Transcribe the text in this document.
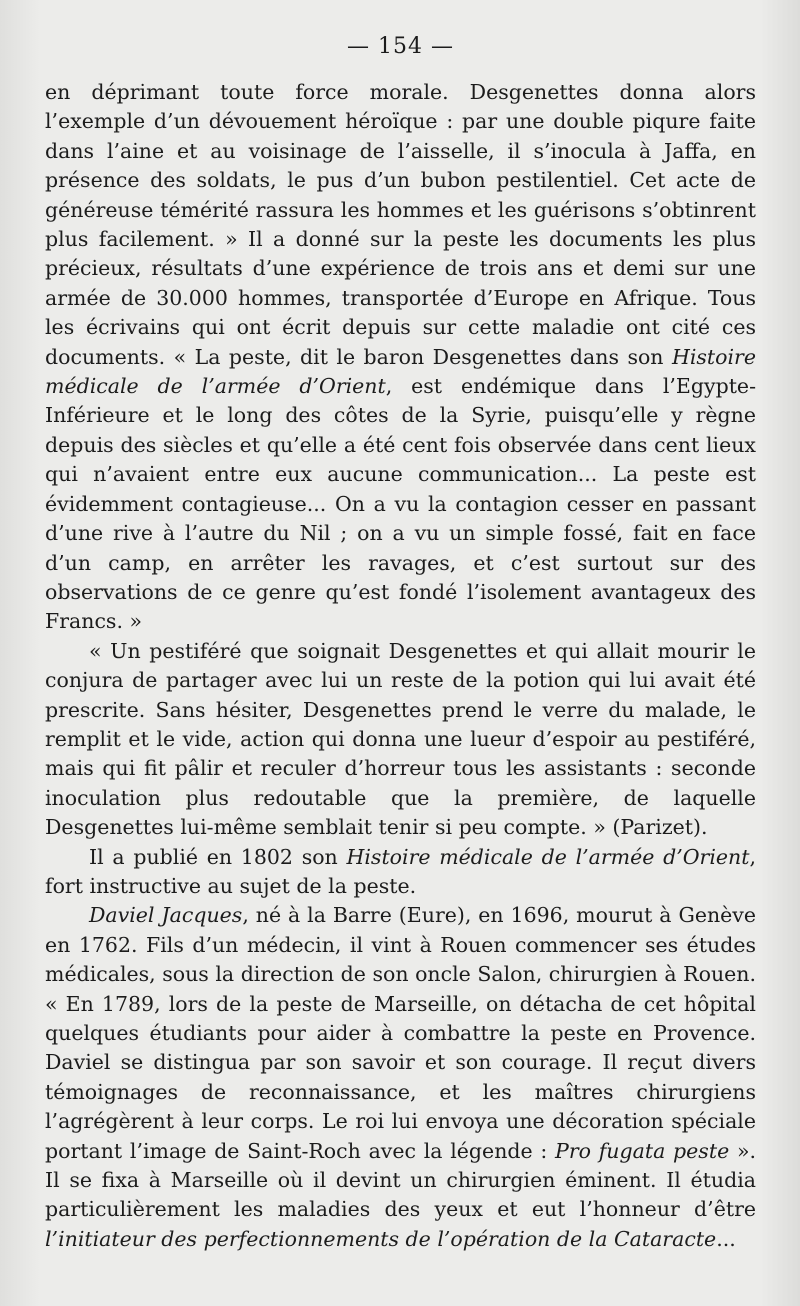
— 154 —

en déprimant toute force morale. Desgenettes donna alors l’exemple d’un dévouement héroïque : par une double piqure faite dans l’aine et au voisinage de l’aisselle, il s’inocula à Jaffa, en présence des soldats, le pus d’un bubon pestilentiel. Cet acte de généreuse témérité rassura les hommes et les guérisons s’obtinrent plus facilement. » Il a donné sur la peste les documents les plus précieux, résultats d’une expérience de trois ans et demi sur une armée de 30.000 hommes, transportée d’Europe en Afrique. Tous les écrivains qui ont écrit depuis sur cette maladie ont cité ces documents. « La peste, dit le baron Desgenettes dans son Histoire médicale de l’armée d’Orient, est endémique dans l’Egypte-Inférieure et le long des côtes de la Syrie, puisqu’elle y règne depuis des siècles et qu’elle a été cent fois observée dans cent lieux qui n’avaient entre eux aucune communication... La peste est évidemment contagieuse... On a vu la contagion cesser en passant d’une rive à l’autre du Nil ; on a vu un simple fossé, fait en face d’un camp, en arrêter les ravages, et c’est surtout sur des observations de ce genre qu’est fondé l’isolement avantageux des Francs. »

« Un pestiféré que soignait Desgenettes et qui allait mourir le conjura de partager avec lui un reste de la potion qui lui avait été prescrite. Sans hésiter, Desgenettes prend le verre du malade, le remplit et le vide, action qui donna une lueur d’espoir au pestiféré, mais qui fit pâlir et reculer d’horreur tous les assistants : seconde inoculation plus redoutable que la première, de laquelle Desgenettes lui-même semblait tenir si peu compte. » (Parizet).

Il a publié en 1802 son Histoire médicale de l’armée d’Orient, fort instructive au sujet de la peste.

Daviel Jacques, né à la Barre (Eure), en 1696, mourut à Genève en 1762. Fils d’un médecin, il vint à Rouen commencer ses études médicales, sous la direction de son oncle Salon, chirurgien à Rouen. « En 1789, lors de la peste de Marseille, on détacha de cet hôpital quelques étudiants pour aider à combattre la peste en Provence. Daviel se distingua par son savoir et son courage. Il reçut divers témoignages de reconnaissance, et les maîtres chirurgiens l’agrégèrent à leur corps. Le roi lui envoya une décoration spéciale portant l’image de Saint-Roch avec la légende : Pro fugata peste ». Il se fixa à Marseille où il devint un chirurgien éminent. Il étudia particulièrement les maladies des yeux et eut l’honneur d’être l’initiateur des perfectionnements de l’opération de la Cataracte...
